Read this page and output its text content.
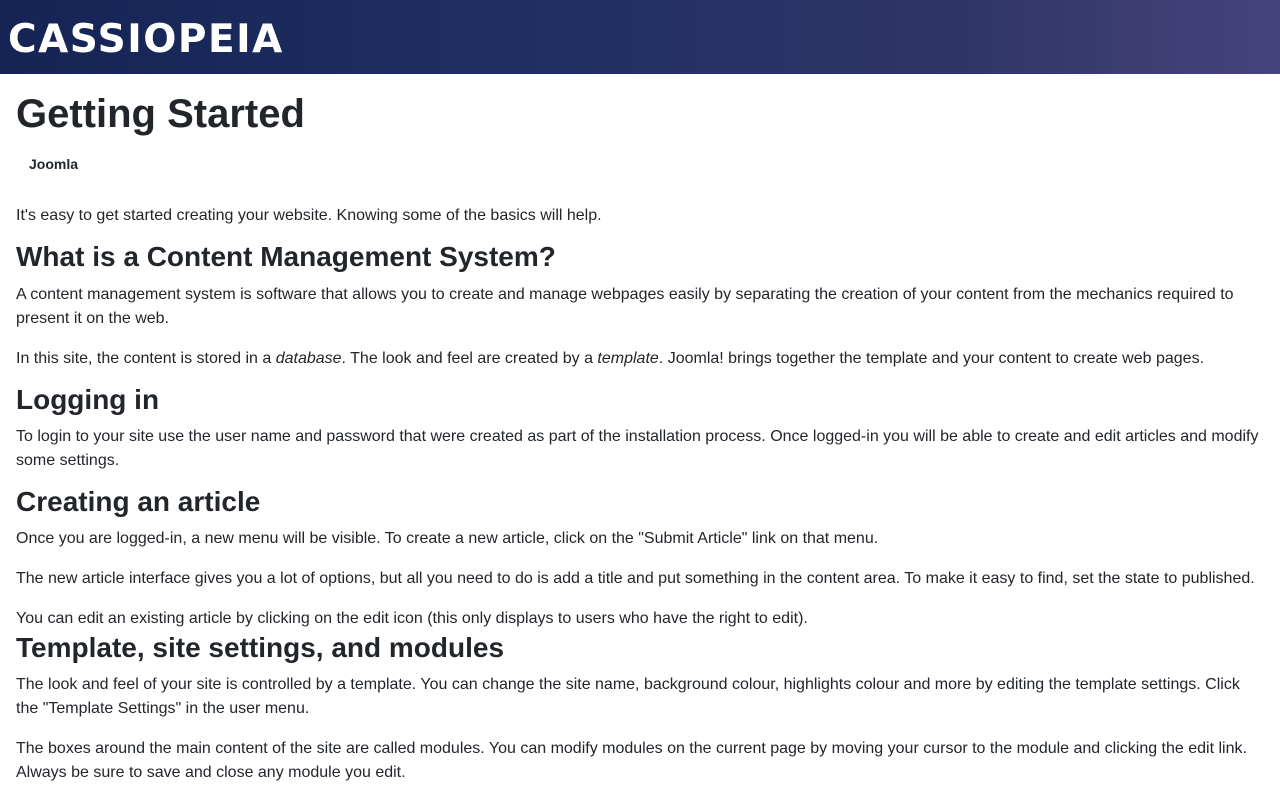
CASSIOPEIA
Getting Started
Joomla

It's easy to get started creating your website. Knowing some of the basics will help.

What is a Content Management System?

A content management system is software that allows you to create and manage webpages easily by separating the creation of your content from the mechanics required to present it on the web.

In this site, the content is stored in a database. The look and feel are created by a template. Joomla! brings together the template and your content to create web pages.

Logging in

To login to your site use the user name and password that were created as part of the installation process. Once logged-in you will be able to create and edit articles and modify some settings.

Creating an article

Once you are logged-in, a new menu will be visible. To create a new article, click on the "Submit Article" link on that menu.

The new article interface gives you a lot of options, but all you need to do is add a title and put something in the content area. To make it easy to find, set the state to published.

You can edit an existing article by clicking on the edit icon (this only displays to users who have the right to edit).

Template, site settings, and modules

The look and feel of your site is controlled by a template. You can change the site name, background colour, highlights colour and more by editing the template settings. Click the "Template Settings" in the user menu.

The boxes around the main content of the site are called modules. You can modify modules on the current page by moving your cursor to the module and clicking the edit link. Always be sure to save and close any module you edit.
